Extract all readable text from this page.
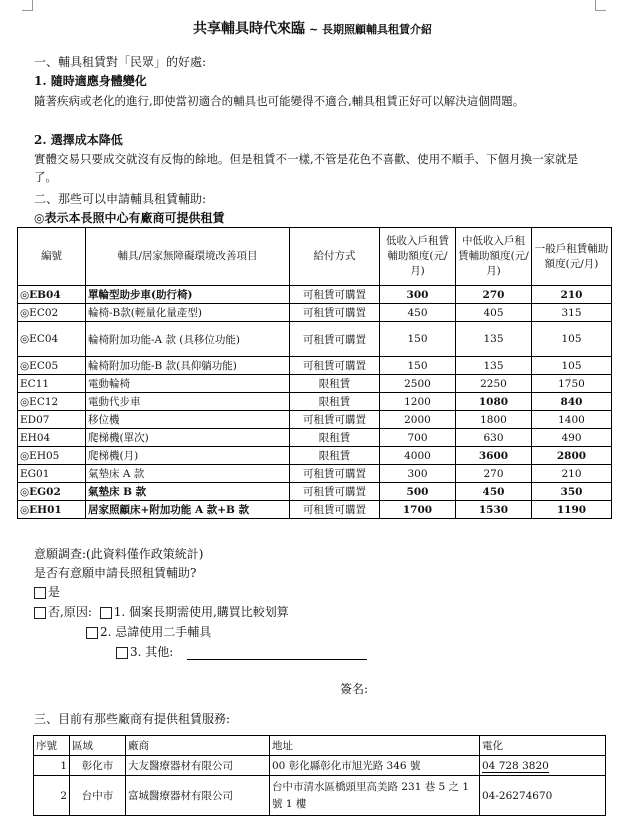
共享輔具時代來臨 ~ 長期照顧輔具租賃介紹
一、輔具租賃對「民眾」的好處:
1. 隨時適應身體變化
隨著疾病或老化的進行,即使當初適合的輔具也可能變得不適合,輔具租賃正好可以解決這個問題。
2. 選擇成本降低
實體交易只要成交就沒有反悔的餘地。但是租賃不一樣,不管是花色不喜歡、使用不順手、下個月換一家就是了。
二、那些可以申請輔具租賃輔助:
◎表示本長照中心有廠商可提供租賃
編號	輔具/居家無障礙環境改善項目	給付方式	低收入戶租賃輔助額度(元/月)	中低收入戶租賃輔助額度(元/月)	一般戶租賃輔助額度(元/月)
◎EB04	單輪型助步車(助行椅)	可租賃可購置	300	270	210
◎EC02	輪椅-B款(輕量化量產型)	可租賃可購置	450	405	315
◎EC04	輪椅附加功能-A 款 (具移位功能)	可租賃可購置	150	135	105
◎EC05	輪椅附加功能-B 款(具仰躺功能)	可租賃可購置	150	135	105
EC11	電動輪椅	限租賃	2500	2250	1750
◎EC12	電動代步車	限租賃	1200	1080	840
ED07	移位機	可租賃可購置	2000	1800	1400
EH04	爬梯機(單次)	限租賃	700	630	490
◎EH05	爬梯機(月)	限租賃	4000	3600	2800
EG01	氣墊床 A 款	可租賃可購置	300	270	210
◎EG02	氣墊床 B 款	可租賃可購置	500	450	350
◎EH01	居家照顧床+附加功能 A 款+B 款	可租賃可購置	1700	1530	1190
意願調查:(此資料僅作政策統計)
是否有意願申請長照租賃輔助?
是
否,原因: 1. 個案長期需使用,購買比較划算
2. 忌諱使用二手輔具
3. 其他:
簽名:
三、目前有那些廠商有提供租賃服務:
序號	區域	廠商	地址	電化
1	彰化市	大友醫療器材有限公司	00 彰化縣彰化市旭光路 346 號	04 728 3820
2	台中市	富城醫療器材有限公司	台中市清水區橋頭里高美路 231 巷 5 之 1 號 1 樓	04-26274670
